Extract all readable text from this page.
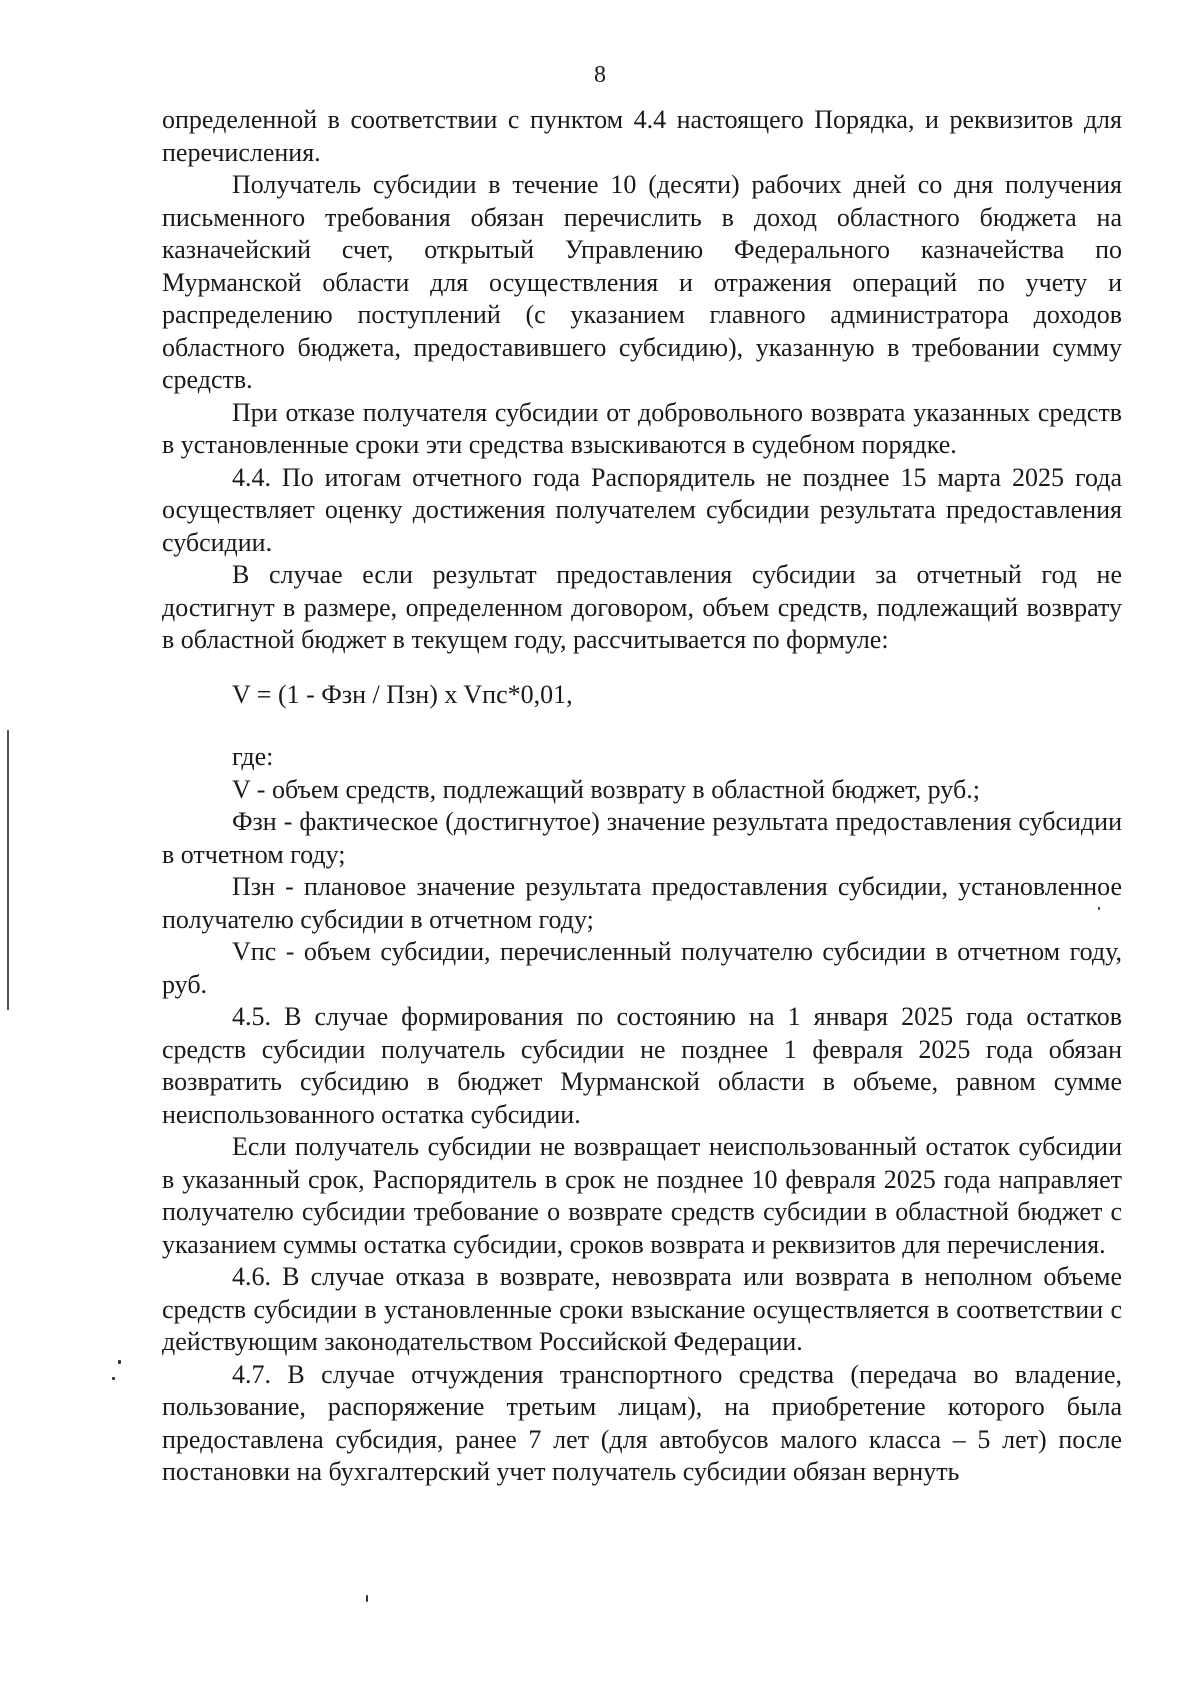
8

определенной в соответствии с пунктом 4.4 настоящего Порядка, и реквизитов для перечисления.

Получатель субсидии в течение 10 (десяти) рабочих дней со дня получения письменного требования обязан перечислить в доход областного бюджета на казначейский счет, открытый Управлению Федерального казначейства по Мурманской области для осуществления и отражения операций по учету и распределению поступлений (с указанием главного администратора доходов областного бюджета, предоставившего субсидию), указанную в требовании сумму средств.

При отказе получателя субсидии от добровольного возврата указанных средств в установленные сроки эти средства взыскиваются в судебном порядке.

4.4. По итогам отчетного года Распорядитель не позднее 15 марта 2025 года осуществляет оценку достижения получателем субсидии результата предоставления субсидии.

В случае если результат предоставления субсидии за отчетный год не достигнут в размере, определенном договором, объем средств, подлежащий возврату в областной бюджет в текущем году, рассчитывается по формуле:

V = (1 - Фзн / Пзн) x Vпс*0,01,

где:

V - объем средств, подлежащий возврату в областной бюджет, руб.;

Фзн - фактическое (достигнутое) значение результата предоставления субсидии в отчетном году;

Пзн - плановое значение результата предоставления субсидии, установленное получателю субсидии в отчетном году;

Vпс - объем субсидии, перечисленный получателю субсидии в отчетном году, руб.

4.5. В случае формирования по состоянию на 1 января 2025 года остатков средств субсидии получатель субсидии не позднее 1 февраля 2025 года обязан возвратить субсидию в бюджет Мурманской области в объеме, равном сумме неиспользованного остатка субсидии.

Если получатель субсидии не возвращает неиспользованный остаток субсидии в указанный срок, Распорядитель в срок не позднее 10 февраля 2025 года направляет получателю субсидии требование о возврате средств субсидии в областной бюджет с указанием суммы остатка субсидии, сроков возврата и реквизитов для перечисления.

4.6. В случае отказа в возврате, невозврата или возврата в неполном объеме средств субсидии в установленные сроки взыскание осуществляется в соответствии с действующим законодательством Российской Федерации.

4.7. В случае отчуждения транспортного средства (передача во владение, пользование, распоряжение третьим лицам), на приобретение которого была предоставлена субсидия, ранее 7 лет (для автобусов малого класса – 5 лет) после постановки на бухгалтерский учет получатель субсидии обязан вернуть
